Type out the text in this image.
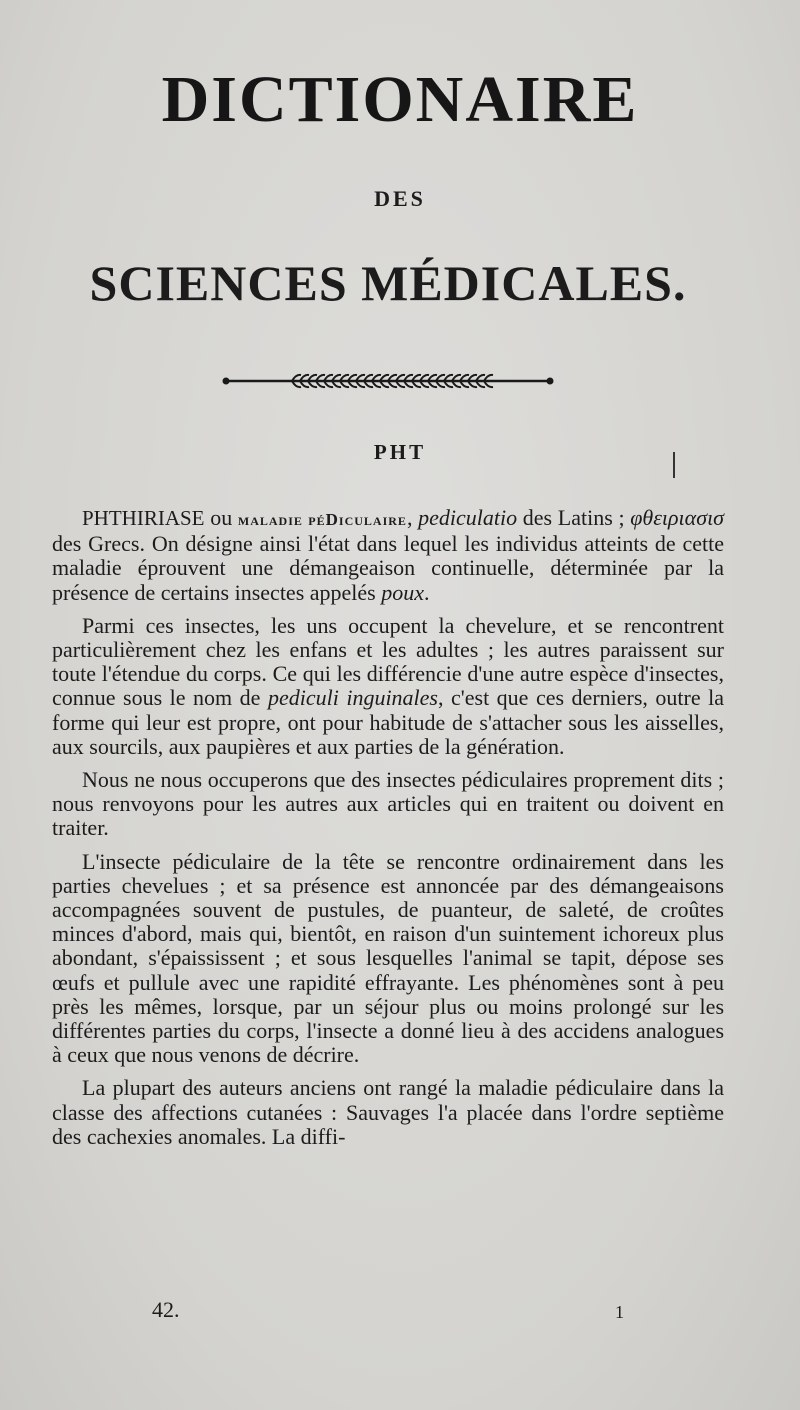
DICTIONAIRE
DES
SCIENCES MÉDICALES.
PHT

PHTHIRIASE ou maladie péDiculaire, pediculatio des Latins ; φθειριασισ des Grecs. On désigne ainsi l'état dans lequel les individus atteints de cette maladie éprouvent une démangeaison continuelle, déterminée par la présence de certains insectes appelés poux.

Parmi ces insectes, les uns occupent la chevelure, et se rencontrent particulièrement chez les enfans et les adultes ; les autres paraissent sur toute l'étendue du corps. Ce qui les différencie d'une autre espèce d'insectes, connue sous le nom de pediculi inguinales, c'est que ces derniers, outre la forme qui leur est propre, ont pour habitude de s'attacher sous les aisselles, aux sourcils, aux paupières et aux parties de la génération.

Nous ne nous occuperons que des insectes pédiculaires proprement dits ; nous renvoyons pour les autres aux articles qui en traitent ou doivent en traiter.

L'insecte pédiculaire de la tête se rencontre ordinairement dans les parties chevelues ; et sa présence est annoncée par des démangeaisons accompagnées souvent de pustules, de puanteur, de saleté, de croûtes minces d'abord, mais qui, bientôt, en raison d'un suintement ichoreux plus abondant, s'épaississent ; et sous lesquelles l'animal se tapit, dépose ses œufs et pullule avec une rapidité effrayante. Les phénomènes sont à peu près les mêmes, lorsque, par un séjour plus ou moins prolongé sur les différentes parties du corps, l'insecte a donné lieu à des accidens analogues à ceux que nous venons de décrire.

La plupart des auteurs anciens ont rangé la maladie pédiculaire dans la classe des affections cutanées : Sauvages l'a placée dans l'ordre septième des cachexies anomales. La diffi-

42.	1
